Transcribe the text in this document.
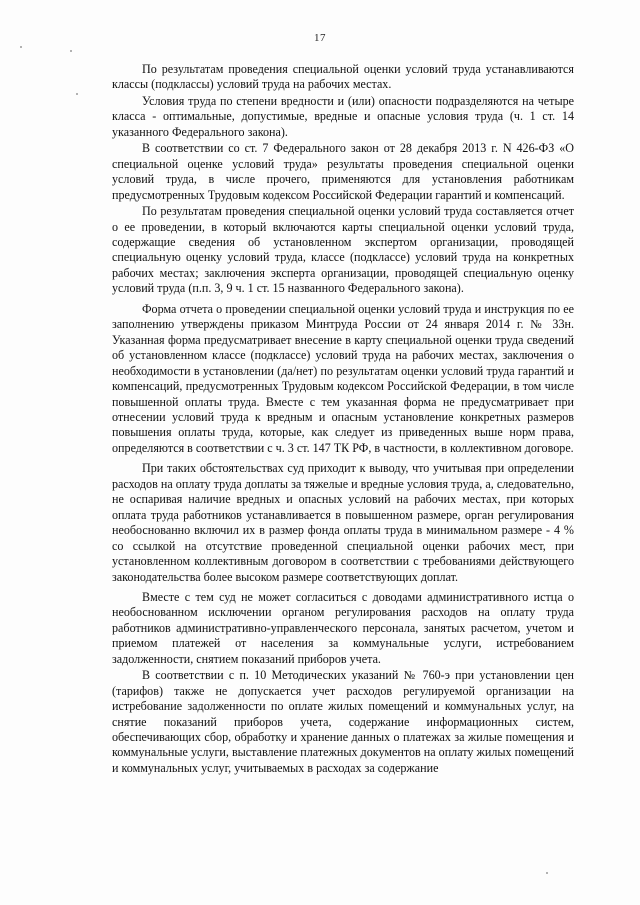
17

По результатам проведения специальной оценки условий труда устанавливаются классы (подклассы) условий труда на рабочих местах.

Условия труда по степени вредности и (или) опасности подразделяются на четыре класса - оптимальные, допустимые, вредные и опасные условия труда (ч. 1 ст. 14 указанного Федерального закона).

В соответствии со ст. 7 Федерального закон от 28 декабря 2013 г. N 426-ФЗ «О специальной оценке условий труда» результаты проведения специальной оценки условий труда, в числе прочего, применяются для установления работникам предусмотренных Трудовым кодексом Российской Федерации гарантий и компенсаций.

По результатам проведения специальной оценки условий труда составляется отчет о ее проведении, в который включаются карты специальной оценки условий труда, содержащие сведения об установленном экспертом организации, проводящей специальную оценку условий труда, классе (подклассе) условий труда на конкретных рабочих местах; заключения эксперта организации, проводящей специальную оценку условий труда (п.п. 3, 9 ч. 1 ст. 15 названного Федерального закона).

Форма отчета о проведении специальной оценки условий труда и инструкция по ее заполнению утверждены приказом Минтруда России от 24 января 2014 г. № 33н. Указанная форма предусматривает внесение в карту специальной оценки труда сведений об установленном классе (подклассе) условий труда на рабочих местах, заключения о необходимости в установлении (да/нет) по результатам оценки условий труда гарантий и компенсаций, предусмотренных Трудовым кодексом Российской Федерации, в том числе повышенной оплаты труда. Вместе с тем указанная форма не предусматривает при отнесении условий труда к вредным и опасным установление конкретных размеров повышения оплаты труда, которые, как следует из приведенных выше норм права, определяются в соответствии с ч. 3 ст. 147 ТК РФ, в частности, в коллективном договоре.

При таких обстоятельствах суд приходит к выводу, что учитывая при определении расходов на оплату труда доплаты за тяжелые и вредные условия труда, а, следовательно, не оспаривая наличие вредных и опасных условий на рабочих местах, при которых оплата труда работников устанавливается в повышенном размере, орган регулирования необоснованно включил их в размер фонда оплаты труда в минимальном размере - 4 % со ссылкой на отсутствие проведенной специальной оценки рабочих мест, при установленном коллективным договором в соответствии с требованиями действующего законодательства более высоком размере соответствующих доплат.

Вместе с тем суд не может согласиться с доводами административного истца о необоснованном исключении органом регулирования расходов на оплату труда работников административно-управленческого персонала, занятых расчетом, учетом и приемом платежей от населения за коммунальные услуги, истребованием задолженности, снятием показаний приборов учета.

В соответствии с п. 10 Методических указаний № 760-э при установлении цен (тарифов) также не допускается учет расходов регулируемой организации на истребование задолженности по оплате жилых помещений и коммунальных услуг, на снятие показаний приборов учета, содержание информационных систем, обеспечивающих сбор, обработку и хранение данных о платежах за жилые помещения и коммунальные услуги, выставление платежных документов на оплату жилых помещений и коммунальных услуг, учитываемых в расходах за содержание
